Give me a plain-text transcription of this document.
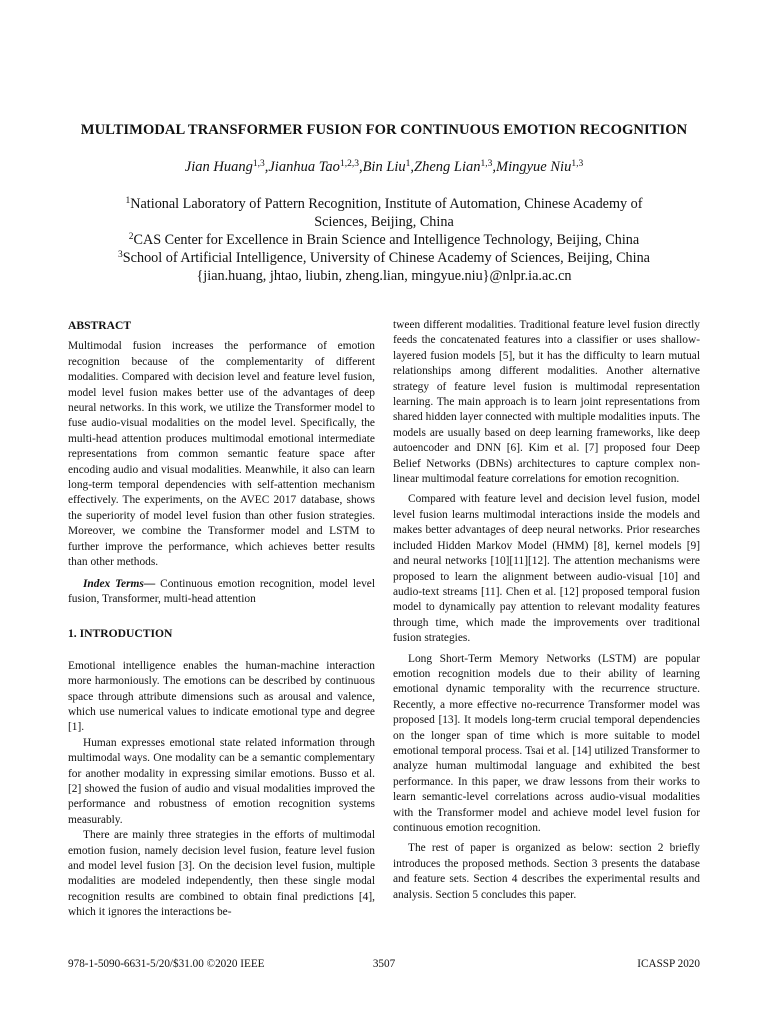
MULTIMODAL TRANSFORMER FUSION FOR CONTINUOUS EMOTION RECOGNITION
Jian Huang$^{1,3}$,Jianhua Tao$^{1,2,3}$,Bin Liu$^1$,Zheng Lian$^{1,3}$,Mingyue Niu$^{1,3}$

$^1$National Laboratory of Pattern Recognition, Institute of Automation, Chinese Academy of Sciences, Beijing, China

$^2$CAS Center for Excellence in Brain Science and Intelligence Technology, Beijing, China

$^3$School of Artificial Intelligence, University of Chinese Academy of Sciences, Beijing, China

{jian.huang, jhtao, liubin, zheng.lian, mingyue.niu}@nlpr.ia.ac.cn

ABSTRACT

Multimodal fusion increases the performance of emotion recognition because of the complementarity of different modalities. Compared with decision level and feature level fusion, model level fusion makes better use of the advantages of deep neural networks. In this work, we utilize the Transformer model to fuse audio-visual modalities on the model level. Specifically, the multi-head attention produces multimodal emotional intermediate representations from common semantic feature space after encoding audio and visual modalities. Meanwhile, it also can learn long-term temporal dependencies with self-attention mechanism effectively. The experiments, on the AVEC 2017 database, shows the superiority of model level fusion than other fusion strategies. Moreover, we combine the Transformer model and LSTM to further improve the performance, which achieves better results than other methods.

Index Terms— Continuous emotion recognition, model level fusion, Transformer, multi-head attention

1. INTRODUCTION

Emotional intelligence enables the human-machine interaction more harmoniously. The emotions can be described by continuous space through attribute dimensions such as arousal and valence, which use numerical values to indicate emotional type and degree [1].

Human expresses emotional state related information through multimodal ways. One modality can be a semantic complementary for another modality in expressing similar emotions. Busso et al. [2] showed the fusion of audio and visual modalities improved the performance and robustness of emotion recognition systems measurably.

There are mainly three strategies in the efforts of multimodal emotion fusion, namely decision level fusion, feature level fusion and model level fusion [3]. On the decision level fusion, multiple modalities are modeled independently, then these single modal recognition results are combined to obtain final predictions [4], which it ignores the interactions be-

tween different modalities. Traditional feature level fusion directly feeds the concatenated features into a classifier or uses shallow-layered fusion models [5], but it has the difficulty to learn mutual relationships among different modalities. Another alternative strategy of feature level fusion is multimodal representation learning. The main approach is to learn joint representations from shared hidden layer connected with multiple modalities inputs. The models are usually based on deep learning frameworks, like deep autoencoder and DNN [6]. Kim et al. [7] proposed four Deep Belief Networks (DBNs) architectures to capture complex non-linear multimodal feature correlations for emotion recognition.

Compared with feature level and decision level fusion, model level fusion learns multimodal interactions inside the models and makes better advantages of deep neural networks. Prior researches included Hidden Markov Model (HMM) [8], kernel models [9] and neural networks [10][11][12]. The attention mechanisms were proposed to learn the alignment between audio-visual [10] and audio-text streams [11]. Chen et al. [12] proposed temporal fusion model to dynamically pay attention to relevant modality features through time, which made the improvements over traditional fusion strategies.

Long Short-Term Memory Networks (LSTM) are popular emotion recognition models due to their ability of learning emotional dynamic temporality with the recurrence structure. Recently, a more effective no-recurrence Transformer model was proposed [13]. It models long-term crucial temporal dependencies on the longer span of time which is more suitable to model emotional temporal process. Tsai et al. [14] utilized Transformer to analyze human multimodal language and exhibited the best performance. In this paper, we draw lessons from their works to learn semantic-level correlations across audio-visual modalities with the Transformer model and achieve model level fusion for continuous emotion recognition.

The rest of paper is organized as below: section 2 briefly introduces the proposed methods. Section 3 presents the database and feature sets. Section 4 describes the experimental results and analysis. Section 5 concludes this paper.

978-1-5090-6631-5/20/$31.00 ©2020 IEEE	3507	ICASSP 2020
